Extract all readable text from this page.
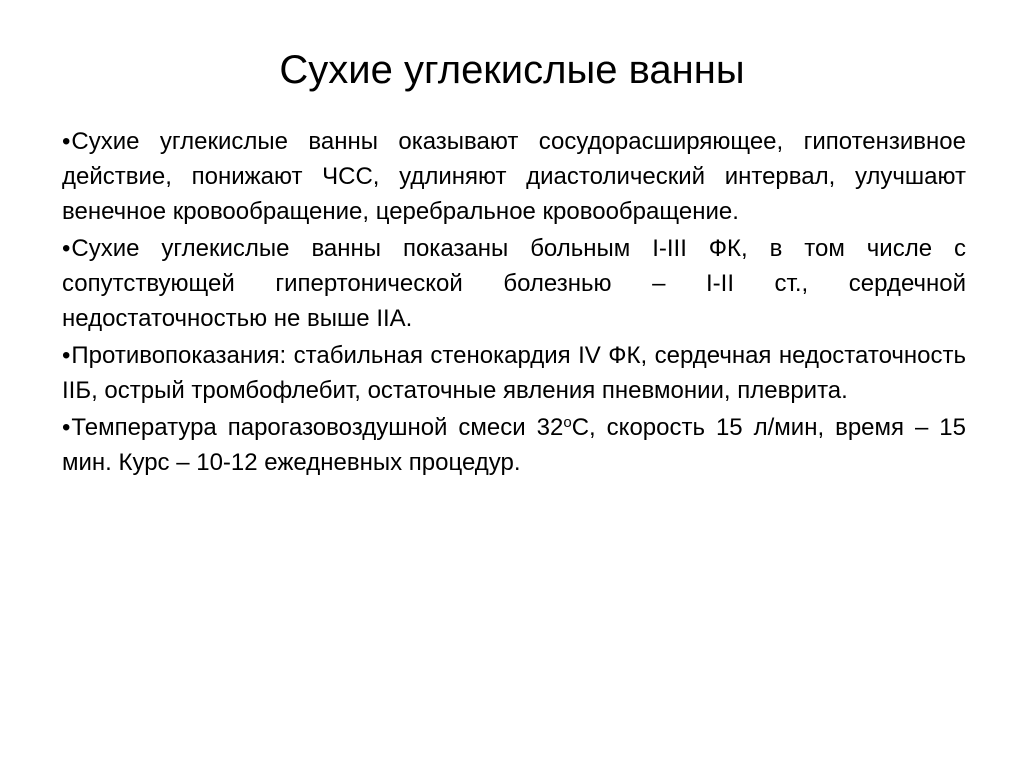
Сухие углекислые ванны
•Сухие углекислые ванны оказывают сосудорасширяющее, гипотензивное действие, понижают ЧСС, удлиняют диастолический интервал, улучшают венечное кровообращение, церебральное кровообращение.
•Сухие углекислые ванны показаны больным I-III ФК, в том числе с сопутствующей гипертонической болезнью – I-II ст., сердечной недостаточностью не выше IIА.
•Противопоказания: стабильная стенокардия IV ФК, сердечная недостаточность IIБ, острый тромбофлебит, остаточные явления пневмонии, плеврита.
•Температура парогазовоздушной смеси $32^оС$, скорость 15 л/мин, время – 15 мин. Курс – 10-12 ежедневных процедур.
